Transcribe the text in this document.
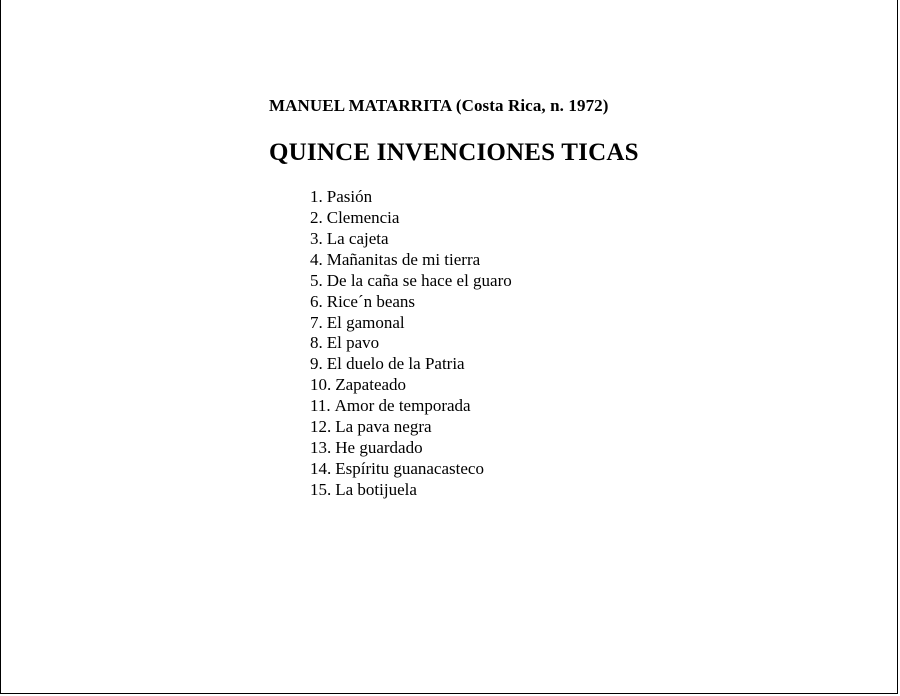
MANUEL MATARRITA (Costa Rica, n. 1972)
QUINCE INVENCIONES TICAS
1. Pasión
2. Clemencia
3. La cajeta
4. Mañanitas de mi tierra
5. De la caña se hace el guaro
6. Rice´n beans
7. El gamonal
8. El pavo
9. El duelo de la Patria
10. Zapateado
11. Amor de temporada
12. La pava negra
13. He guardado
14. Espíritu guanacasteco
15. La botijuela
